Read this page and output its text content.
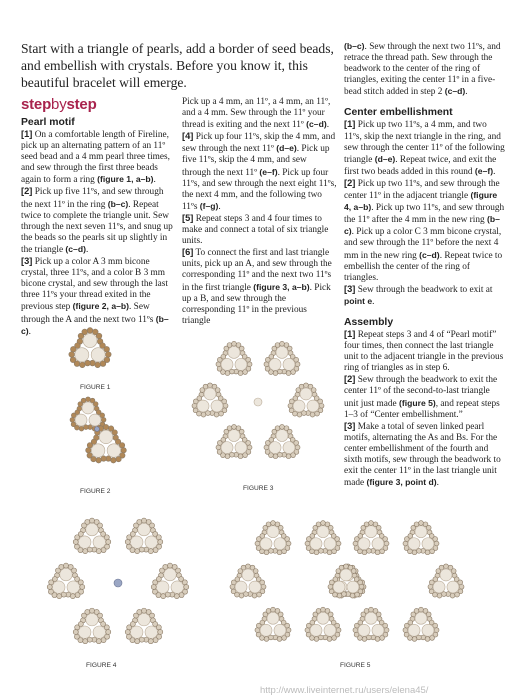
Start with a triangle of pearls, add a border of seed beads, and embellish with crystals. Before you know it, this beautiful bracelet will emerge.
stepbystep

Pearl motif

[1] On a comfortable length of Fireline, pick up an alternating pattern of an 11º seed bead and a 4 mm pearl three times, and sew through the first three beads again to form a ring (figure 1, a–b).

[2] Pick up five 11ºs, and sew through the next 11º in the ring (b–c). Repeat twice to complete the triangle unit. Sew through the next seven 11ºs, and snug up the beads so the pearls sit up slightly in the triangle (c–d).

[3] Pick up a color A 3 mm bicone crystal, three 11ºs, and a color B 3 mm bicone crystal, and sew through the last three 11ºs your thread exited in the previous step (figure 2, a–b). Sew through the A and the next two 11ºs (b–c).

Pick up a 4 mm, an 11º, a 4 mm, an 11º, and a 4 mm. Sew through the 11º your thread is exiting and the next 11º (c–d).

[4] Pick up four 11ºs, skip the 4 mm, and sew through the next 11º (d–e). Pick up five 11ºs, skip the 4 mm, and sew through the next 11º (e–f). Pick up four 11ºs, and sew through the next eight 11ºs, the next 4 mm, and the following two 11ºs (f–g).

[5] Repeat steps 3 and 4 four times to make and connect a total of six triangle units.

[6] To connect the first and last triangle units, pick up an A, and sew through the corresponding 11º and the next two 11ºs in the first triangle (figure 3, a–b). Pick up a B, and sew through the corresponding 11º in the previous triangle

(b–c). Sew through the next two 11ºs, and retrace the thread path. Sew through the beadwork to the center of the ring of triangles, exiting the center 11º in a five-bead stitch added in step 2 (c–d).

Center embellishment

[1] Pick up two 11ºs, a 4 mm, and two 11ºs, skip the next triangle in the ring, and sew through the center 11º of the following triangle (d–e). Repeat twice, and exit the first two beads added in this round (e–f).

[2] Pick up two 11ºs, and sew through the center 11º in the adjacent triangle (figure 4, a–b). Pick up two 11ºs, and sew through the 11º after the 4 mm in the new ring (b–c). Pick up a color C 3 mm bicone crystal, and sew through the 11º before the next 4 mm in the new ring (c–d). Repeat twice to embellish the center of the ring of triangles.

[3] Sew through the beadwork to exit at point e.

Assembly

[1] Repeat steps 3 and 4 of “Pearl motif” four times, then connect the last triangle unit to the adjacent triangle in the previous ring of triangles as in step 6.

[2] Sew through the beadwork to exit the center 11º of the second-to-last triangle unit just made (figure 5), and repeat steps 1–3 of “Center embellishment.”

[3] Make a total of seven linked pearl motifs, alternating the As and Bs. For the center embellishment of the fourth and sixth motifs, sew through the beadwork to exit the center 11º in the last triangle unit made (figure 3, point d).

FIGURE 1
FIGURE 2	FIGURE 3
FIGURE 4	FIGURE 5
http://www.liveinternet.ru/users/elena45/
